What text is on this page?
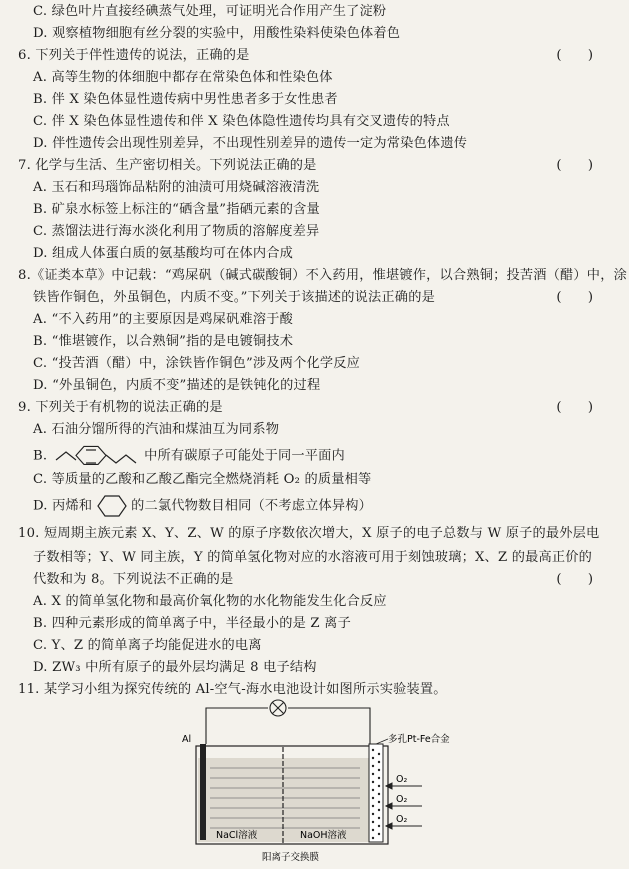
C. 绿色叶片直接经碘蒸气处理，可证明光合作用产生了淀粉
D. 观察植物细胞有丝分裂的实验中，用酸性染料使染色体着色
6. 下列关于伴性遗传的说法，正确的是	(　　)
A. 高等生物的体细胞中都存在常染色体和性染色体
B. 伴 X 染色体显性遗传病中男性患者多于女性患者
C. 伴 X 染色体显性遗传和伴 X 染色体隐性遗传均具有交叉遗传的特点
D. 伴性遗传会出现性别差异，不出现性别差异的遗传一定为常染色体遗传
7. 化学与生活、生产密切相关。下列说法正确的是	(　　)
A. 玉石和玛瑙饰品粘附的油渍可用烧碱溶液清洗
B. 矿泉水标签上标注的“硒含量”指硒元素的含量
C. 蒸馏法进行海水淡化利用了物质的溶解度差异
D. 组成人体蛋白质的氨基酸均可在体内合成
8.《证类本草》中记载：“鸡屎矾（碱式碳酸铜）不入药用，惟堪镀作，以合熟铜；投苦酒（醋）中，涂
铁皆作铜色，外虽铜色，内质不变。”下列关于该描述的说法正确的是	(　　)
A. “不入药用”的主要原因是鸡屎矾难溶于酸
B. “惟堪镀作，以合熟铜”指的是电镀铜技术
C. “投苦酒（醋）中，涂铁皆作铜色”涉及两个化学反应
D. “外虽铜色，内质不变”描述的是铁钝化的过程
9. 下列关于有机物的说法正确的是	(　　)
A. 石油分馏所得的汽油和煤油互为同系物
B.	中所有碳原子可能处于同一平面内
C. 等质量的乙酸和乙酸乙酯完全燃烧消耗 O₂ 的质量相等
D. 丙烯和	的二氯代物数目相同（不考虑立体异构）
10. 短周期主族元素 X、Y、Z、W 的原子序数依次增大，X 原子的电子总数与 W 原子的最外层电
子数相等；Y、W 同主族，Y 的简单氢化物对应的水溶液可用于刻蚀玻璃；X、Z 的最高正价的
代数和为 8。下列说法不正确的是	(　　)
A. X 的简单氢化物和最高价氧化物的水化物能发生化合反应
B. 四种元素形成的简单离子中，半径最小的是 Z 离子
C. Y、Z 的简单离子均能促进水的电离
D. ZW₃ 中所有原子的最外层均满足 8 电子结构
11. 某学习小组为探究传统的 Al-空气-海水电池设计如图所示实验装置。
Al	多孔Pt-Fe合金
O₂
O₂
O₂
NaCl溶液	NaOH溶液
阳离子交换膜
